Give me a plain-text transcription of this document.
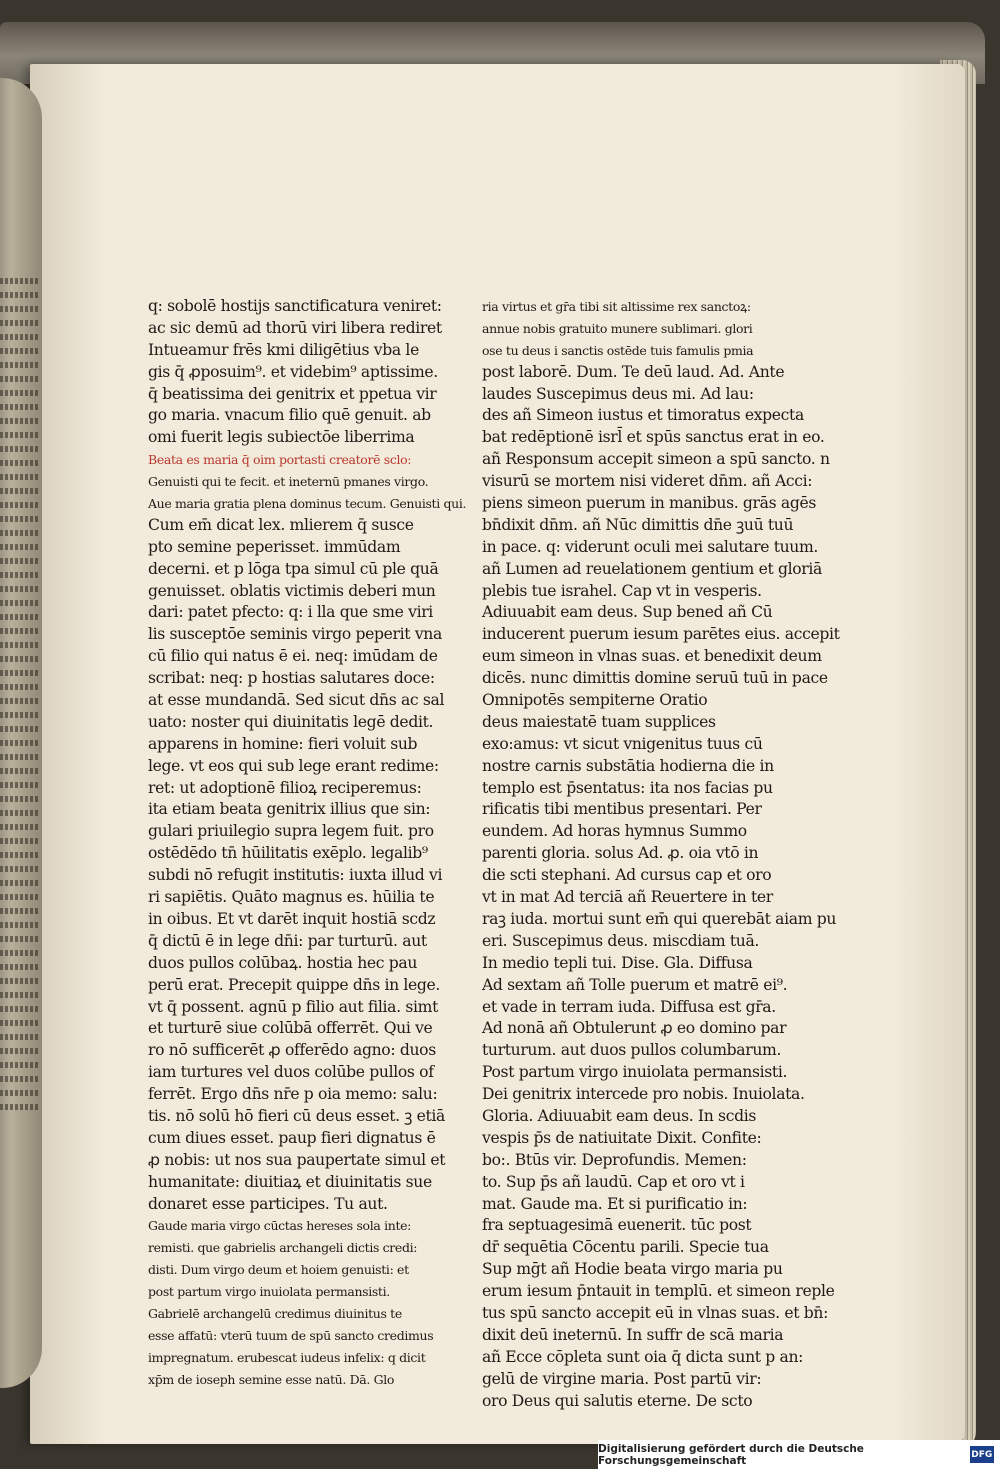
q: sobolē hostijs sanctificatura veniret:
ac sic demū ad thorū viri libera rediret
Intueamur frēs kmi diligētius vba le
gis q̄ ꝓposuim⁹. et videbim⁹ aptissime.
q̄ beatissima dei genitrix et ppetua vir
go maria. vnacum filio quē genuit. ab
omi fuerit legis subiectōe liberrima
Beata es maria q̄ oim portasti creatorē sclo:
Genuisti qui te fecit. et ineternū pmanes virgo.
Aue maria gratia plena dominus tecum. Genuisti qui.
Cum em̄ dicat lex. mlierem q̄ susce
pto semine peperisset. immūdam
decerni. et p lōga tpa simul cū ple quā
genuisset. oblatis victimis deberi mun
dari: patet pfecto: q: i lla que sme viri
lis susceptōe seminis virgo peperit vna
cū filio qui natus ē ei. neq: imūdam de
scribat: neq: p hostias salutares doce:
at esse mundandā. Sed sicut dn̄s ac sal
uato: noster qui diuinitatis legē dedit.
apparens in homine: fieri voluit sub
lege. vt eos qui sub lege erant redime:
ret: ut adoptionē filioꝝ reciperemus:
ita etiam beata genitrix illius que sin:
gulari priuilegio supra legem fuit. pro
ostēdēdo tn̄ hūilitatis exēplo. legalib⁹
subdi nō refugit institutis: iuxta illud vi
ri sapiētis. Quāto magnus es. hūilia te
in oibus. Et vt darēt inquit hostiā scdz
q̄ dictū ē in lege dn̄i: par turturū. aut
duos pullos colūbaꝝ. hostia hec pau
perū erat. Precepit quippe dn̄s in lege.
vt q̄ possent. agnū p filio aut filia. simt
et turturē siue colūbā offerrēt. Qui ve
ro nō sufficerēt ꝓ offerēdo agno: duos
iam turtures vel duos colūbe pullos of
ferrēt. Ergo dn̄s nr̄e p oia memo: salu:
tis. nō solū hō fieri cū deus esset. ꝫ etiā
cum diues esset. paup fieri dignatus ē
ꝓ nobis: ut nos sua paupertate simul et
humanitate: diuitiaꝝ et diuinitatis sue
donaret esse participes. Tu aut.
Gaude maria virgo cūctas hereses sola inte:
remisti. que gabrielis archangeli dictis credi:
disti. Dum virgo deum et hoiem genuisti: et
post partum virgo inuiolata permansisti.
Gabrielē archangelū credimus diuinitus te
esse affatū: vterū tuum de spū sancto credimus
impregnatum. erubescat iudeus infelix: q dicit
xp̄m de ioseph semine esse natū. Dā. Glo
ria virtus et gr̄a tibi sit altissime rex sanctoꝝ:
annue nobis gratuito munere sublimari. glori
ose tu deus i sanctis ostēde tuis famulis pmia
post laborē. Dum. Te deū laud. Ad. Ante
laudes Suscepimus deus mi. Ad lau:
des añ Simeon iustus et timoratus expecta
bat redēptionē isrl̄ et spūs sanctus erat in eo.
añ Responsum accepit simeon a spū sancto. n
visurū se mortem nisi videret dn̄m. añ Acci:
piens simeon puerum in manibus. grās agēs
bn̄dixit dn̄m. añ Nūc dimittis dn̄e ꝫuū tuū
in pace. q: viderunt oculi mei salutare tuum.
añ Lumen ad reuelationem gentium et gloriā
plebis tue israhel. Cap vt in vesperis.
Adiuuabit eam deus. Sup bened añ Cū
inducerent puerum iesum parētes eius. accepit
eum simeon in vlnas suas. et benedixit deum
dicēs. nunc dimittis domine seruū tuū in pace
Omnipotēs sempiterne Oratio
deus maiestatē tuam supplices
exo:amus: vt sicut vnigenitus tuus cū
nostre carnis substātia hodierna die in
templo est p̄sentatus: ita nos facias pu
rificatis tibi mentibus presentari. Per
eundem. Ad horas hymnus Summo
parenti gloria. solus Ad. ꝓ. oia vtō in
die scti stephani. Ad cursus cap et oro
vt in mat Ad terciā añ Reuertere in ter
raꝫ iuda. mortui sunt em̄ qui querebāt aiam pu
eri. Suscepimus deus. miscdiam tuā.
In medio tepli tui. Dise. Gla. Diffusa
Ad sextam añ Tolle puerum et matrē ei⁹.
et vade in terram iuda. Diffusa est gr̄a.
Ad nonā añ Obtulerunt ꝓ eo domino par
turturum. aut duos pullos columbarum.
Post partum virgo inuiolata permansisti.
Dei genitrix intercede pro nobis. Inuiolata.
Gloria. Adiuuabit eam deus. In scdis
vespis p̄s de natiuitate Dixit. Confite:
bo:. Btūs vir. Deprofundis. Memen:
to. Sup p̄s añ laudū. Cap et oro vt i
mat. Gaude ma. Et si purificatio in:
fra septuagesimā euenerit. tūc post
dr̄ sequētia Cōcentu parili. Specie tua
Sup mḡt añ Hodie beata virgo maria pu
erum iesum p̄ntauit in templū. et simeon reple
tus spū sancto accepit eū in vlnas suas. et bn̄:
dixit deū ineternū. In suffr de scā maria
añ Ecce cōpleta sunt oia q̄ dicta sunt p an:
gelū de virgine maria. Post partū vir:
oro Deus qui salutis eterne. De scto
Digitalisierung gefördert durch die Deutsche Forschungsgemeinschaft	DFG
